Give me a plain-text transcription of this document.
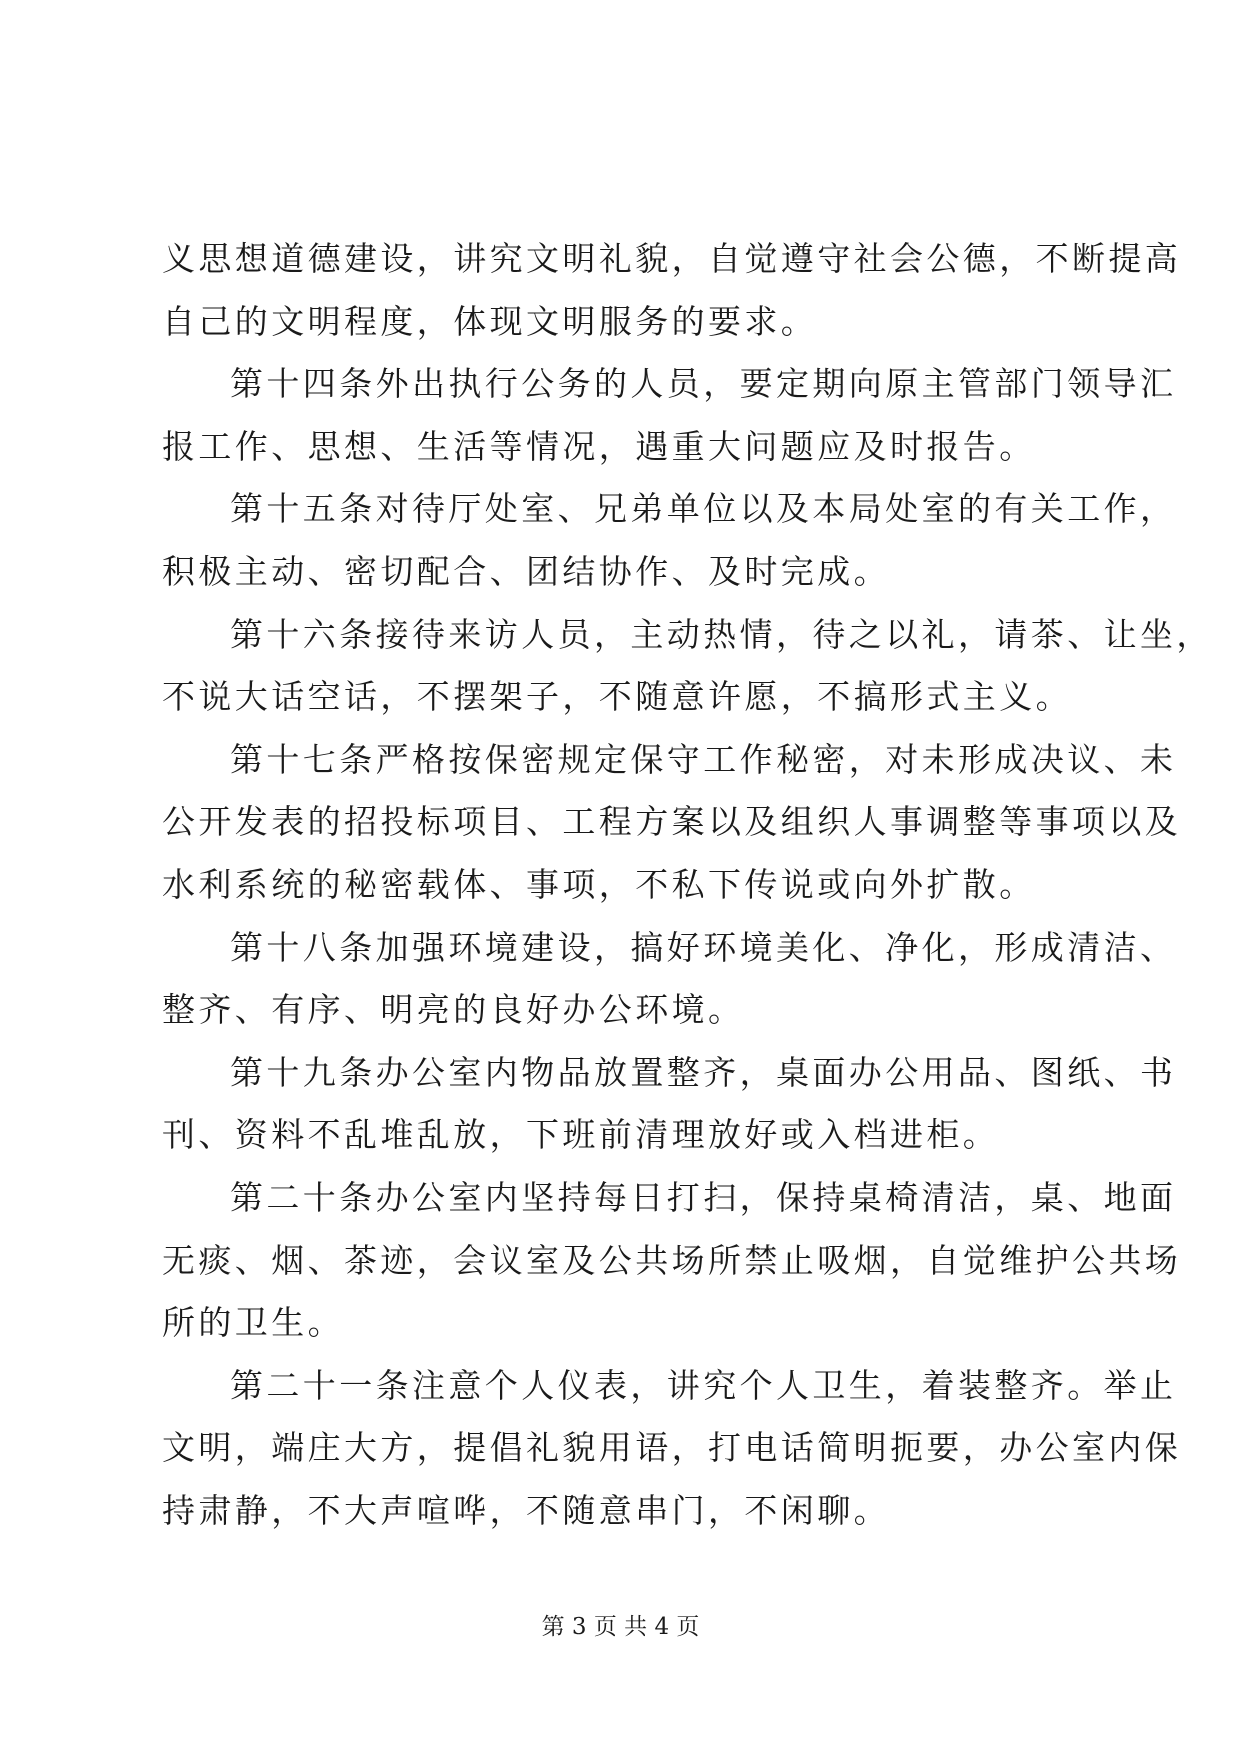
义思想道德建设，讲究文明礼貌，自觉遵守社会公德，不断提高
自己的文明程度，体现文明服务的要求。
第十四条外出执行公务的人员，要定期向原主管部门领导汇
报工作、思想、生活等情况，遇重大问题应及时报告。
第十五条对待厅处室、兄弟单位以及本局处室的有关工作，
积极主动、密切配合、团结协作、及时完成。
第十六条接待来访人员，主动热情，待之以礼，请茶、让坐，
不说大话空话，不摆架子，不随意许愿，不搞形式主义。
第十七条严格按保密规定保守工作秘密，对未形成决议、未
公开发表的招投标项目、工程方案以及组织人事调整等事项以及
水利系统的秘密载体、事项，不私下传说或向外扩散。
第十八条加强环境建设，搞好环境美化、净化，形成清洁、
整齐、有序、明亮的良好办公环境。
第十九条办公室内物品放置整齐，桌面办公用品、图纸、书
刊、资料不乱堆乱放，下班前清理放好或入档进柜。
第二十条办公室内坚持每日打扫，保持桌椅清洁，桌、地面
无痰、烟、茶迹，会议室及公共场所禁止吸烟，自觉维护公共场
所的卫生。
第二十一条注意个人仪表，讲究个人卫生，着装整齐。举止
文明，端庄大方，提倡礼貌用语，打电话简明扼要，办公室内保
持肃静，不大声喧哗，不随意串门，不闲聊。
第 3 页 共 4 页
